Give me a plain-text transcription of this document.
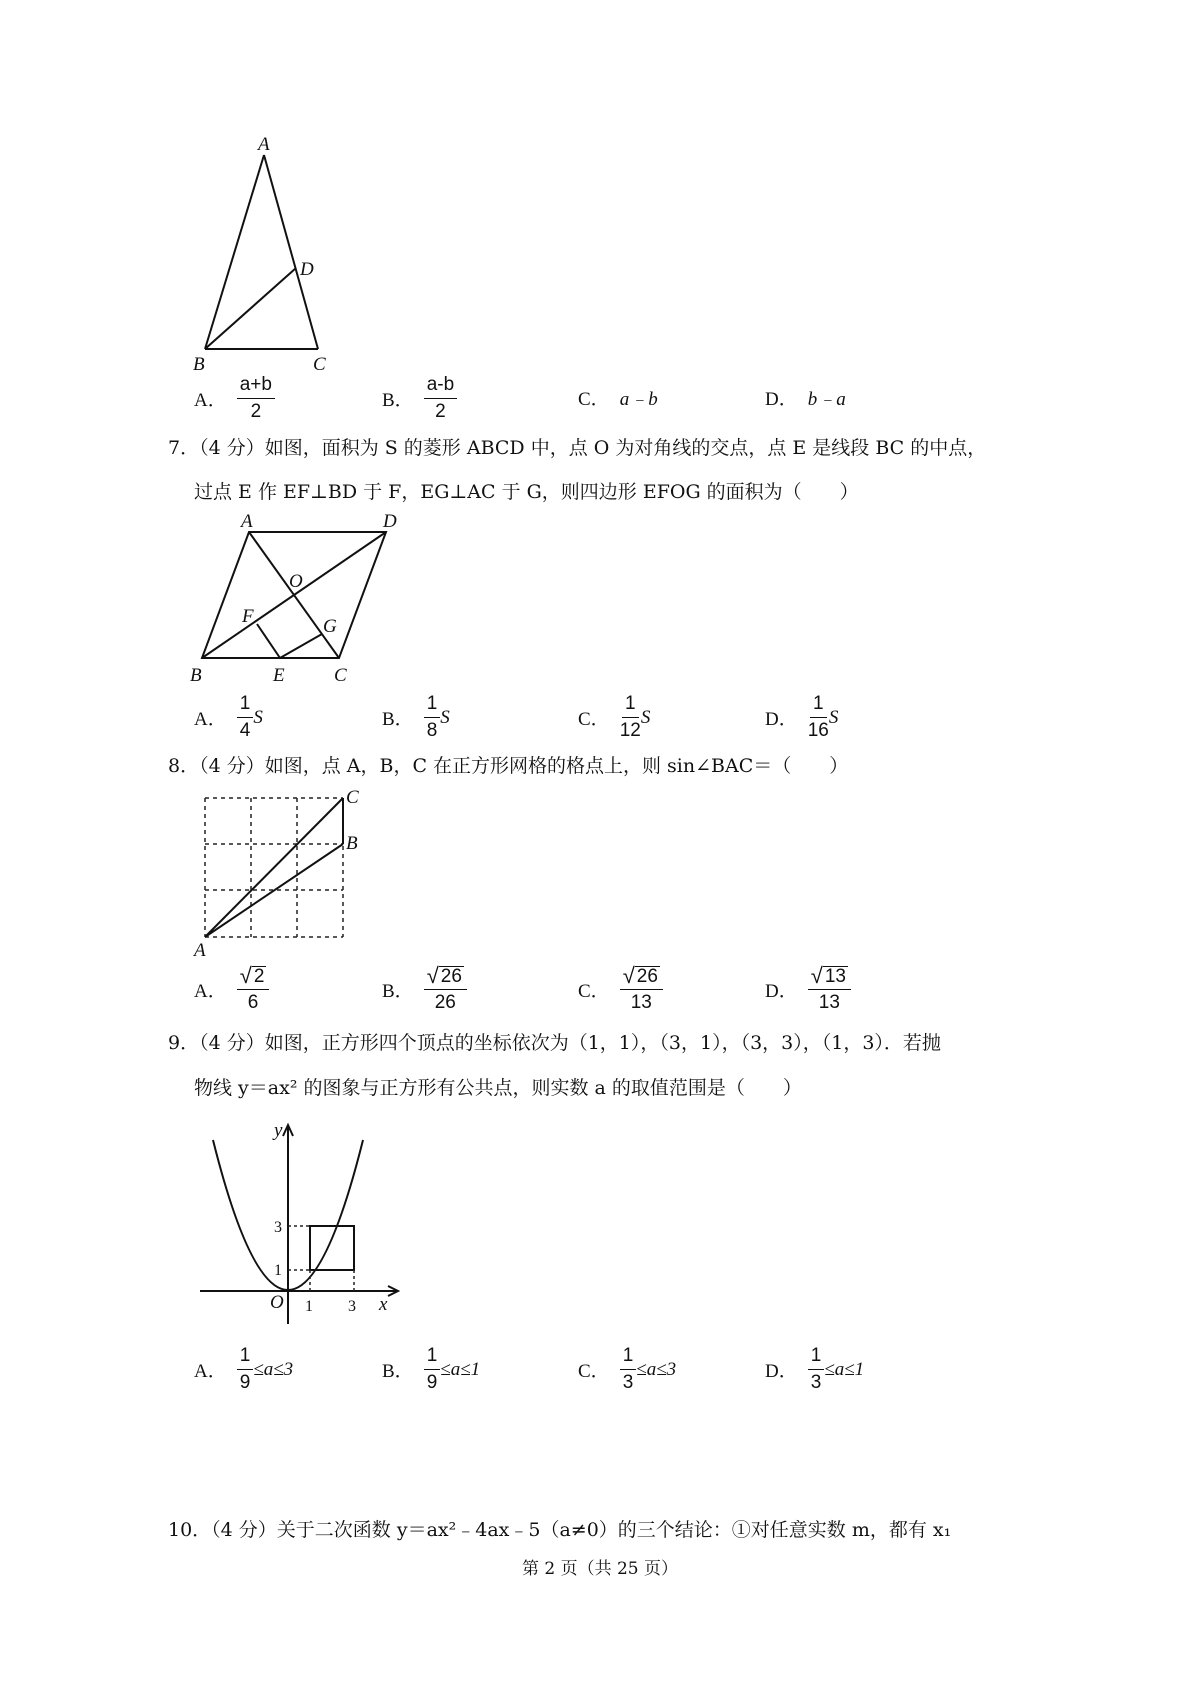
A
B	C
D
A． $\frac{a+b}{2}$	B． $\frac{a-b}{2}$	C． a﹣b	D． b﹣a
7．（4 分）如图，面积为 S 的菱形 ABCD 中，点 O 为对角线的交点，点 E 是线段 BC 的中点，
过点 E 作 EF⊥BD 于 F，EG⊥AC 于 G，则四边形 EFOG 的面积为（　　）
A	D
O
F	G
B	E	C
A． $\frac{1}{4}$ S	B． $\frac{1}{8}$ S	C． $\frac{1}{12}$ S	D． $\frac{1}{16}$ S
8．（4 分）如图，点 A，B，C 在正方形网格的格点上，则 sin∠BAC＝（　　）
C
B
A
A． $\frac{√ 2}{6}$	B． $\frac{√ 26}{26}$	C． $\frac{√ 26}{13}$	D． $\frac{√ 13}{13}$
9．（4 分）如图，正方形四个顶点的坐标依次为（1，1），（3，1），（3，3），（1，3）．若抛
物线 y＝ax² 的图象与正方形有公共点，则实数 a 的取值范围是（　　）
y
x
O 1 3
1
3
A． $\frac{1}{9} \le a\le 3$	B． $\frac{1}{9} \le a\le 1$	C． $\frac{1}{3} \le a\le 3$	D． $\frac{1}{3} \le a\le 1$
10．（4 分）关于二次函数 y＝ax²﹣4ax﹣5（a≠0）的三个结论：①对任意实数 m，都有 x₁
第 2 页（共 25 页）
